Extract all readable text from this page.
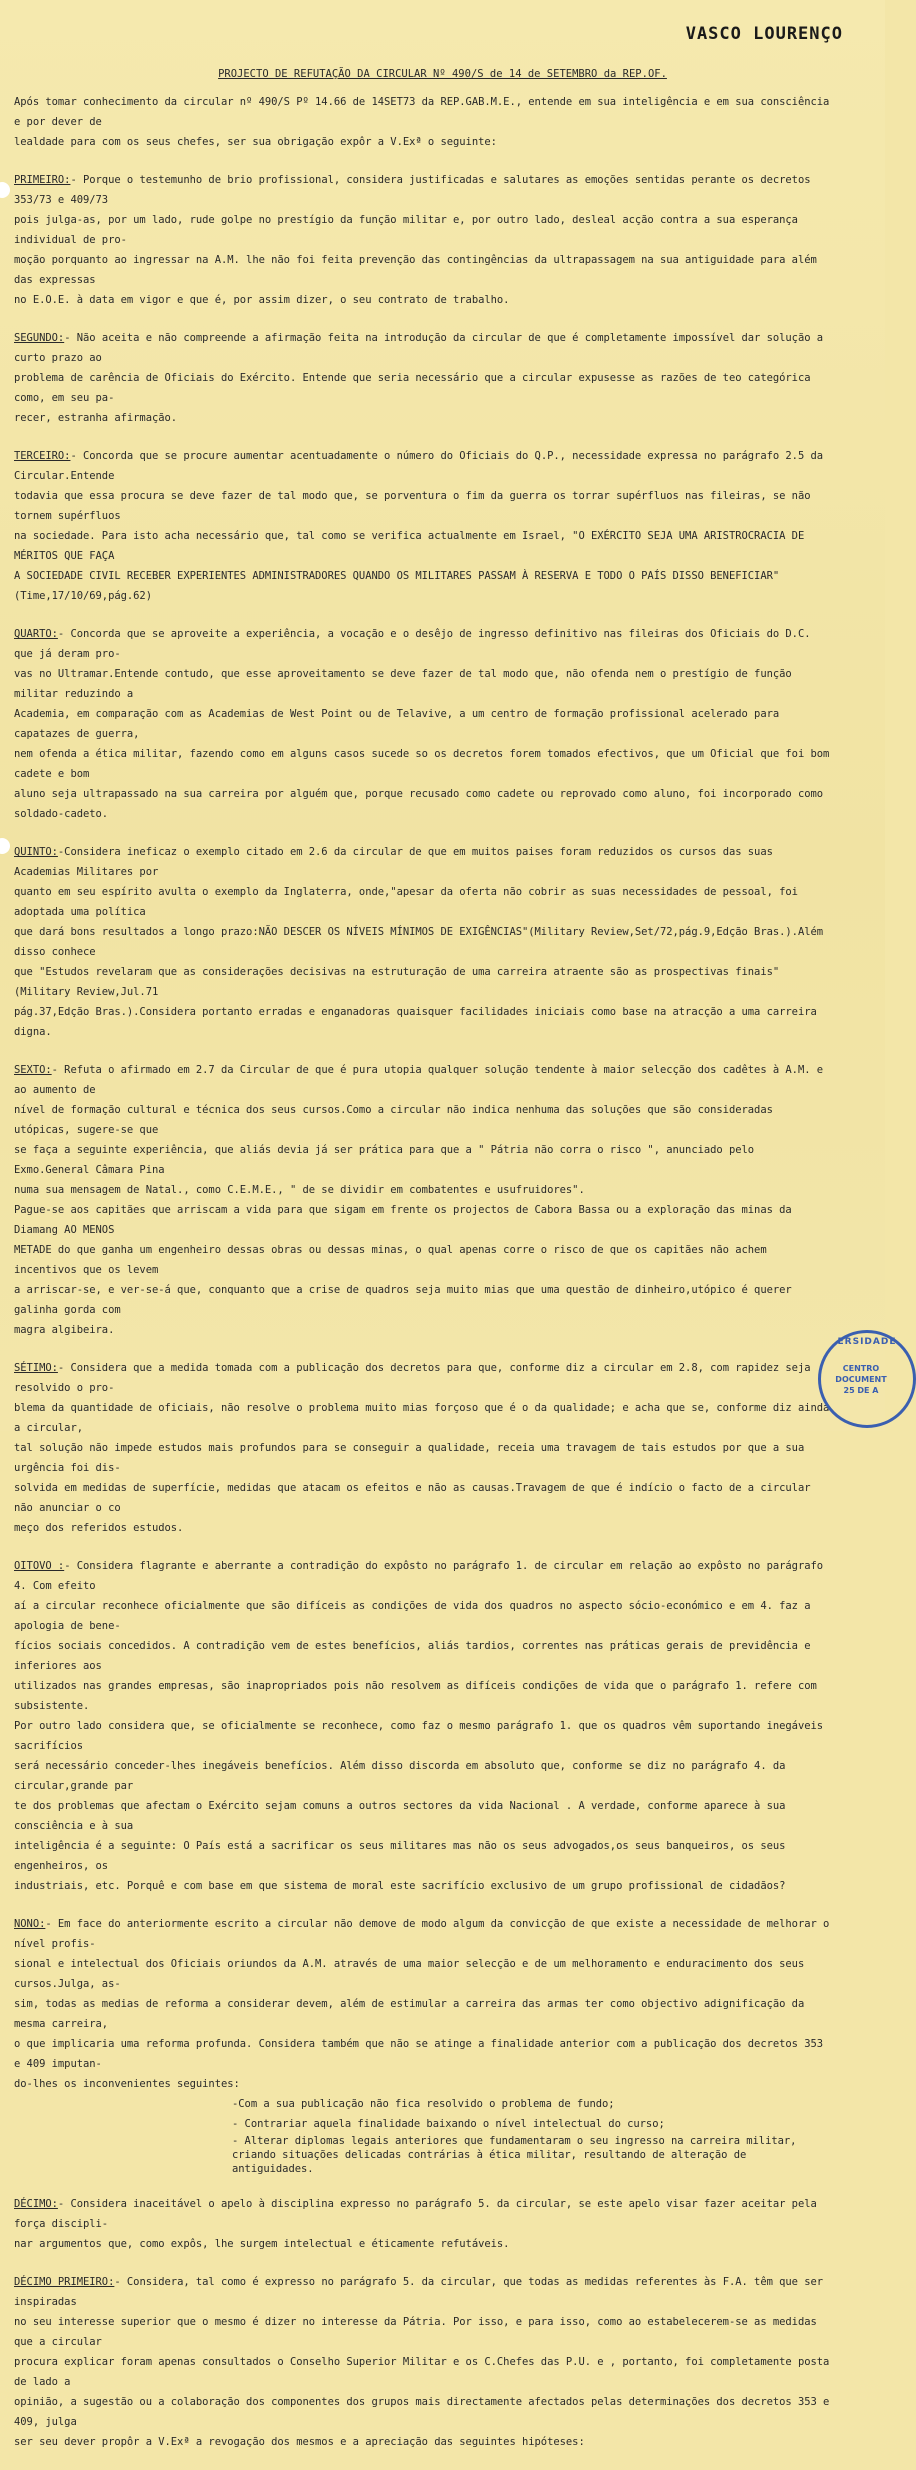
VASCO LOURENÇO
PROJECTO DE REFUTAÇÃO DA CIRCULAR Nº 490/S de 14 de SETEMBRO da REP.OF.

Após tomar conhecimento da circular nº 490/S Pº 14.66 de 14SET73 da REP.GAB.M.E., entende em sua inteligência e em sua consciência e por dever de

lealdade para com os seus chefes, ser sua obrigação expôr a V.Exª o seguinte:

PRIMEIRO:- Porque o testemunho de brio profissional, considera justificadas e salutares as emoções sentidas perante os decretos 353/73 e 409/73

pois julga-as, por um lado, rude golpe no prestígio da função militar e, por outro lado, desleal acção contra a sua esperança individual de pro-

moção porquanto ao ingressar na A.M. lhe não foi feita prevenção das contingências da ultrapassagem na sua antiguidade para além das expressas

no E.O.E. à data em vigor e que é, por assim dizer, o seu contrato de trabalho.

SEGUNDO:- Não aceita e não compreende a afirmação feita na introdução da circular de que é completamente impossível dar solução a curto prazo ao

problema de carência de Oficiais do Exército. Entende que seria necessário que a circular expusesse as razões de teo categórica como, em seu pa-

recer, estranha afirmação.

TERCEIRO:- Concorda que se procure aumentar acentuadamente o número do Oficiais do Q.P., necessidade expressa no parágrafo 2.5 da Circular.Entende

todavia que essa procura se deve fazer de tal modo que, se porventura o fim da guerra os torrar supérfluos nas fileiras, se não tornem supérfluos

na sociedade. Para isto acha necessário que, tal como se verifica actualmente em Israel, "O EXÉRCITO SEJA UMA ARISTROCRACIA DE MÉRITOS QUE FAÇA

A SOCIEDADE CIVIL RECEBER EXPERIENTES ADMINISTRADORES QUANDO OS MILITARES PASSAM À RESERVA E TODO O PAÍS DISSO BENEFICIAR" (Time,17/10/69,pág.62)

QUARTO:- Concorda que se aproveite a experiência, a vocação e o desêjo de ingresso definitivo nas fileiras dos Oficiais do D.C. que já deram pro-

vas no Ultramar.Entende contudo, que esse aproveitamento se deve fazer de tal modo que, não ofenda nem o prestígio de função militar reduzindo a

Academia, em comparação com as Academias de West Point ou de Telavive, a um centro de formação profissional acelerado para capatazes de guerra,

nem ofenda a ética militar, fazendo como em alguns casos sucede so os decretos forem tomados efectivos, que um Oficial que foi bom cadete e bom

aluno seja ultrapassado na sua carreira por alguém que, porque recusado como cadete ou reprovado como aluno, foi incorporado como soldado-cadeto.

QUINTO:-Considera ineficaz o exemplo citado em 2.6 da circular de que em muitos paises foram reduzidos os cursos das suas Academias Militares por

quanto em seu espírito avulta o exemplo da Inglaterra, onde,"apesar da oferta não cobrir as suas necessidades de pessoal, foi adoptada uma política

que dará bons resultados a longo prazo:NÃO DESCER OS NÍVEIS MÍNIMOS DE EXIGÊNCIAS"(Military Review,Set/72,pág.9,Edção Bras.).Além disso conhece

que "Estudos revelaram que as considerações decisivas na estruturação de uma carreira atraente são as prospectivas finais"(Military Review,Jul.71

pág.37,Edção Bras.).Considera portanto erradas e enganadoras quaisquer facilidades iniciais como base na atracção a uma carreira digna.

SEXTO:- Refuta o afirmado em 2.7 da Circular de que é pura utopia qualquer solução tendente à maior selecção dos cadêtes à A.M. e ao aumento de

nível de formação cultural e técnica dos seus cursos.Como a circular não indica nenhuma das soluções que são consideradas utópicas, sugere-se que

se faça a seguinte experiência, que aliás devia já ser prática para que a " Pátria não corra o risco ", anunciado pelo Exmo.General Câmara Pina

numa sua mensagem de Natal., como C.E.M.E., " de se dividir em combatentes e usufruidores".

Pague-se aos capitães que arriscam a vida para que sigam em frente os projectos de Cabora Bassa ou a exploração das minas da Diamang AO MENOS

METADE do que ganha um engenheiro dessas obras ou dessas minas, o qual apenas corre o risco de que os capitães não achem incentivos que os levem

a arriscar-se, e ver-se-á que, conquanto que a crise de quadros seja muito mias que uma questão de dinheiro,utópico é querer galinha gorda com

magra algibeira.

SÉTIMO:- Considera que a medida tomada com a publicação dos decretos para que, conforme diz a circular em 2.8, com rapidez seja resolvido o pro-

blema da quantidade de oficiais, não resolve o problema muito mias forçoso que é o da qualidade; e acha que se, conforme diz ainda a circular,

tal solução não impede estudos mais profundos para se conseguir a qualidade, receia uma travagem de tais estudos por que a sua urgência foi dis-

solvida em medidas de superfície, medidas que atacam os efeitos e não as causas.Travagem de que é indício o facto de a circular não anunciar o co

meço dos referidos estudos.

OITOVO :- Considera flagrante e aberrante a contradição do expôsto no parágrafo 1. de circular em relação ao expôsto no parágrafo 4. Com efeito

aí a circular reconhece oficialmente que são difíceis as condições de vida dos quadros no aspecto sócio-económico e em 4. faz a apologia de bene-

fícios sociais concedidos. A contradição vem de estes benefícios, aliás tardios, correntes nas práticas gerais de previdência e inferiores aos

utilizados nas grandes empresas, são inapropriados pois não resolvem as difíceis condições de vida que o parágrafo 1. refere com subsistente.

Por outro lado considera que, se oficialmente se reconhece, como faz o mesmo parágrafo 1. que os quadros vêm suportando inegáveis sacrifícios

será necessário conceder-lhes inegáveis benefícios. Além disso discorda em absoluto que, conforme se diz no parágrafo 4. da circular,grande par

te dos problemas que afectam o Exército sejam comuns a outros sectores da vida Nacional . A verdade, conforme aparece à sua consciência e à sua

inteligência é a seguinte: O País está a sacrificar os seus militares mas não os seus advogados,os seus banqueiros, os seus engenheiros, os

industriais, etc. Porquê e com base em que sistema de moral este sacrifício exclusivo de um grupo profissional de cidadãos?

NONO:- Em face do anteriormente escrito a circular não demove de modo algum da convicção de que existe a necessidade de melhorar o nível profis-

sional e intelectual dos Oficiais oriundos da A.M. através de uma maior selecção e de um melhoramento e enduracimento dos seus cursos.Julga, as-

sim, todas as medias de reforma a considerar devem, além de estimular a carreira das armas ter como objectivo adignificação da mesma carreira,

o que implicaria uma reforma profunda. Considera também que não se atinge a finalidade anterior com a publicação dos decretos 353 e 409 imputan-

do-lhes os inconvenientes seguintes:

-Com a sua publicação não fica resolvido o problema de fundo;

- Contrariar aquela finalidade baixando o nível intelectual do curso;

- Alterar diplomas legais anteriores que fundamentaram o seu ingresso na carreira militar, criando situações delicadas contrárias à ética militar, resultando de alteração de antiguidades.

DÉCIMO:- Considera inaceitável o apelo à disciplina expresso no parágrafo 5. da circular, se este apelo visar fazer aceitar pela força discipli-

nar argumentos que, como expôs, lhe surgem intelectual e éticamente refutáveis.

DÉCIMO PRIMEIRO:- Considera, tal como é expresso no parágrafo 5. da circular, que todas as medidas referentes às F.A. têm que ser inspiradas

no seu interesse superior que o mesmo é dizer no interesse da Pátria. Por isso, e para isso, como ao estabelecerem-se as medidas que a circular

procura explicar foram apenas consultados o Conselho Superior Militar e os C.Chefes das P.U. e , portanto, foi completamente posta de lado a

opinião, a sugestão ou a colaboração dos componentes dos grupos mais directamente afectados pelas determinações dos decretos 353 e 409, julga

ser seu dever propôr a V.Exª a revogação dos mesmos e a apreciação das seguintes hipóteses:

ERSIDADE
CENTRO
DOCUMENT
25 DE A
